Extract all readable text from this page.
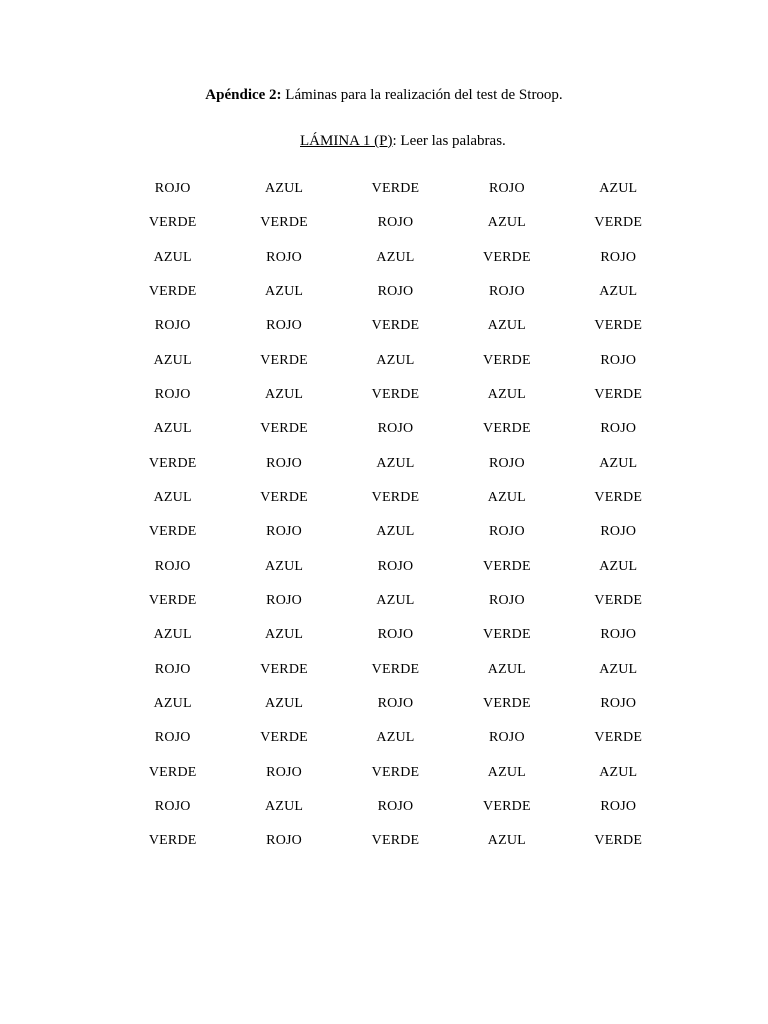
Apéndice 2: Láminas para la realización del test de Stroop.
LÁMINA 1 (P): Leer las palabras.
ROJO	AZUL	VERDE	ROJO	AZUL
VERDE	VERDE	ROJO	AZUL	VERDE
AZUL	ROJO	AZUL	VERDE	ROJO
VERDE	AZUL	ROJO	ROJO	AZUL
ROJO	ROJO	VERDE	AZUL	VERDE
AZUL	VERDE	AZUL	VERDE	ROJO
ROJO	AZUL	VERDE	AZUL	VERDE
AZUL	VERDE	ROJO	VERDE	ROJO
VERDE	ROJO	AZUL	ROJO	AZUL
AZUL	VERDE	VERDE	AZUL	VERDE
VERDE	ROJO	AZUL	ROJO	ROJO
ROJO	AZUL	ROJO	VERDE	AZUL
VERDE	ROJO	AZUL	ROJO	VERDE
AZUL	AZUL	ROJO	VERDE	ROJO
ROJO	VERDE	VERDE	AZUL	AZUL
AZUL	AZUL	ROJO	VERDE	ROJO
ROJO	VERDE	AZUL	ROJO	VERDE
VERDE	ROJO	VERDE	AZUL	AZUL
ROJO	AZUL	ROJO	VERDE	ROJO
VERDE	ROJO	VERDE	AZUL	VERDE
